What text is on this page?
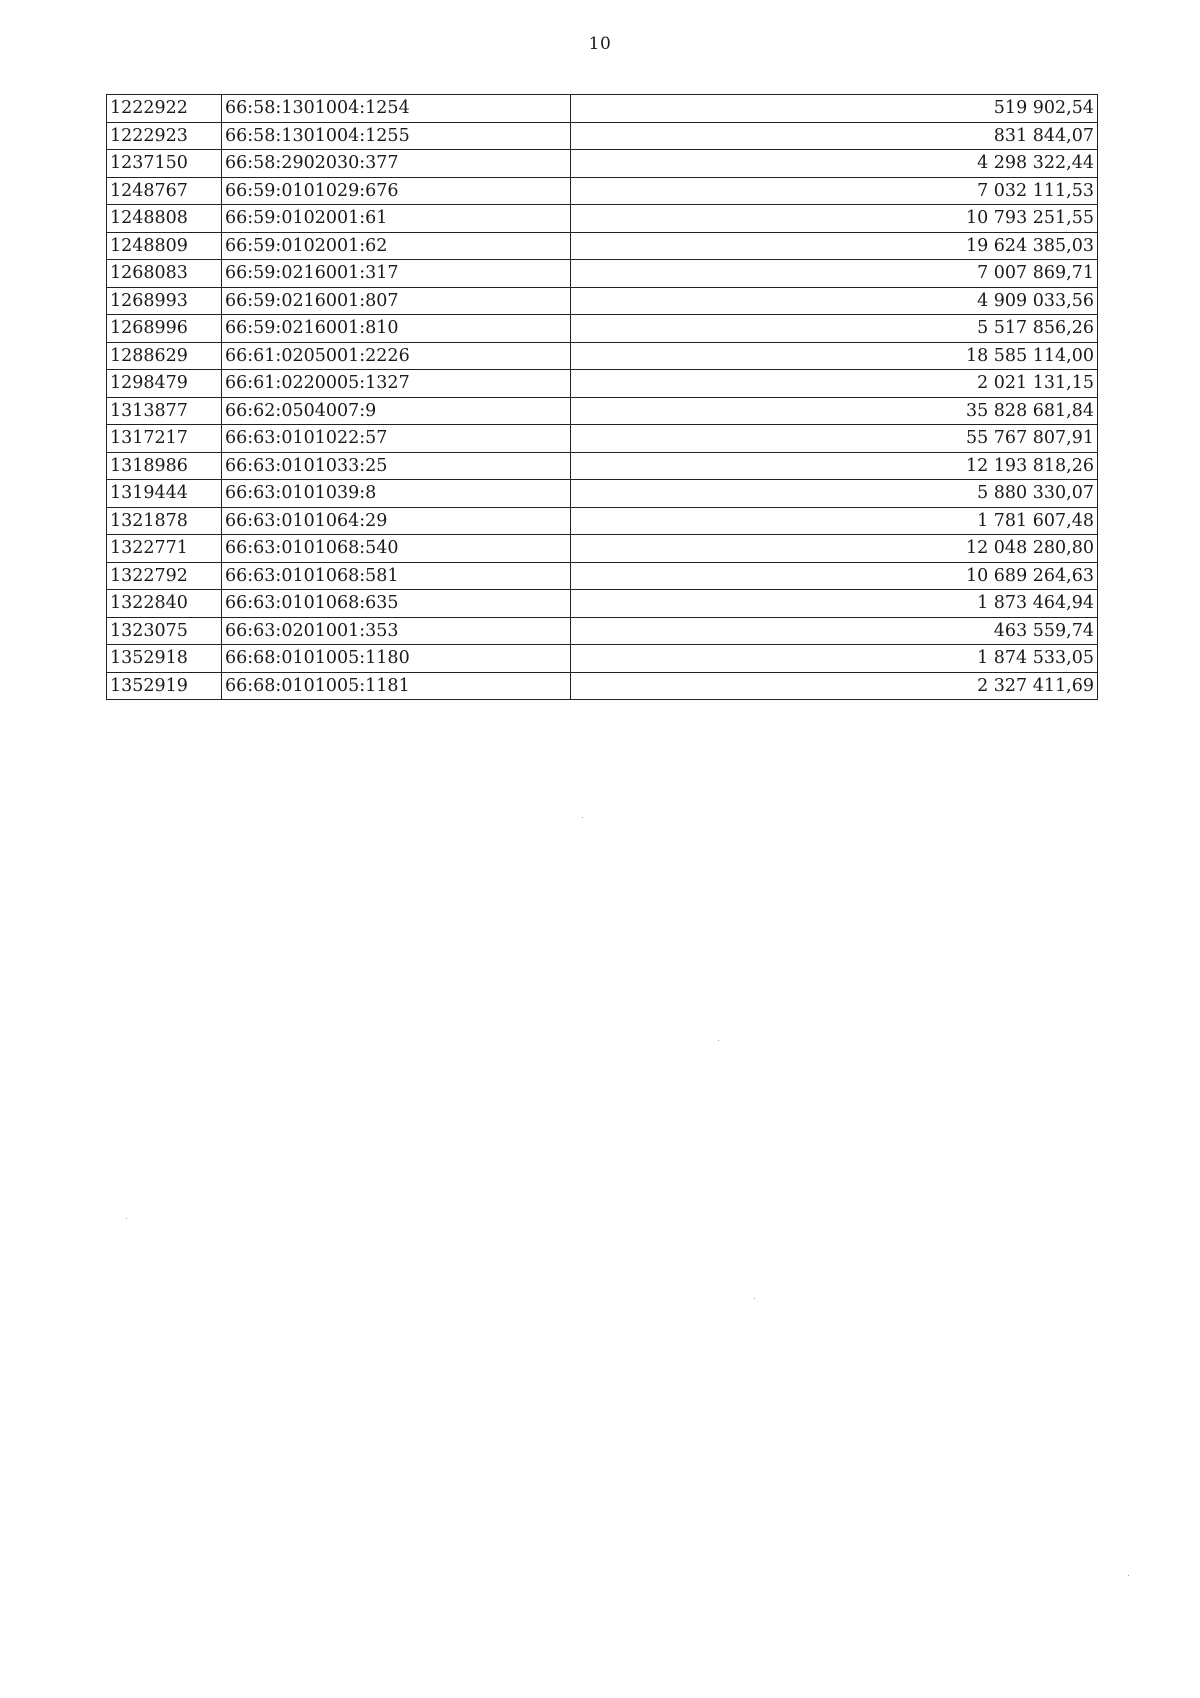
10
1222922	66:58:1301004:1254	519 902,54
1222923	66:58:1301004:1255	831 844,07
1237150	66:58:2902030:377	4 298 322,44
1248767	66:59:0101029:676	7 032 111,53
1248808	66:59:0102001:61	10 793 251,55
1248809	66:59:0102001:62	19 624 385,03
1268083	66:59:0216001:317	7 007 869,71
1268993	66:59:0216001:807	4 909 033,56
1268996	66:59:0216001:810	5 517 856,26
1288629	66:61:0205001:2226	18 585 114,00
1298479	66:61:0220005:1327	2 021 131,15
1313877	66:62:0504007:9	35 828 681,84
1317217	66:63:0101022:57	55 767 807,91
1318986	66:63:0101033:25	12 193 818,26
1319444	66:63:0101039:8	5 880 330,07
1321878	66:63:0101064:29	1 781 607,48
1322771	66:63:0101068:540	12 048 280,80
1322792	66:63:0101068:581	10 689 264,63
1322840	66:63:0101068:635	1 873 464,94
1323075	66:63:0201001:353	463 559,74
1352918	66:68:0101005:1180	1 874 533,05
1352919	66:68:0101005:1181	2 327 411,69
